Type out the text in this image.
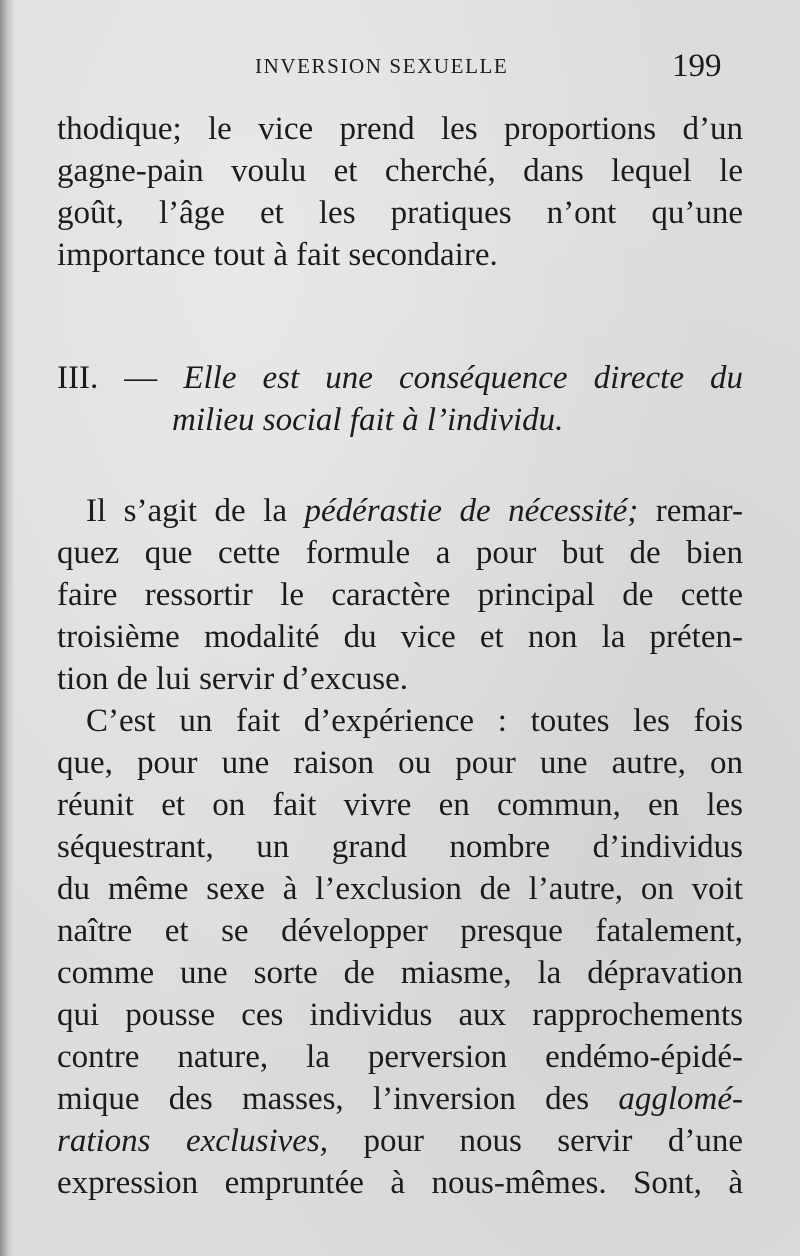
INVERSION SEXUELLE	199
thodique; le vice prend les proportions d’un
gagne-pain voulu et cherché, dans lequel le
goût, l’âge et les pratiques n’ont qu’une
importance tout à fait secondaire.
III. — Elle est une conséquence directe du
milieu social fait à l’individu.
Il s’agit de la pédérastie de nécessité; remar-
quez que cette formule a pour but de bien
faire ressortir le caractère principal de cette
troisième modalité du vice et non la préten-
tion de lui servir d’excuse.
C’est un fait d’expérience : toutes les fois
que, pour une raison ou pour une autre, on
réunit et on fait vivre en commun, en les
séquestrant, un grand nombre d’individus
du même sexe à l’exclusion de l’autre, on voit
naître et se développer presque fatalement,
comme une sorte de miasme, la dépravation
qui pousse ces individus aux rapprochements
contre nature, la perversion endémo-épidé-
mique des masses, l’inversion des agglomé-
rations exclusives, pour nous servir d’une
expression empruntée à nous-mêmes. Sont, à
